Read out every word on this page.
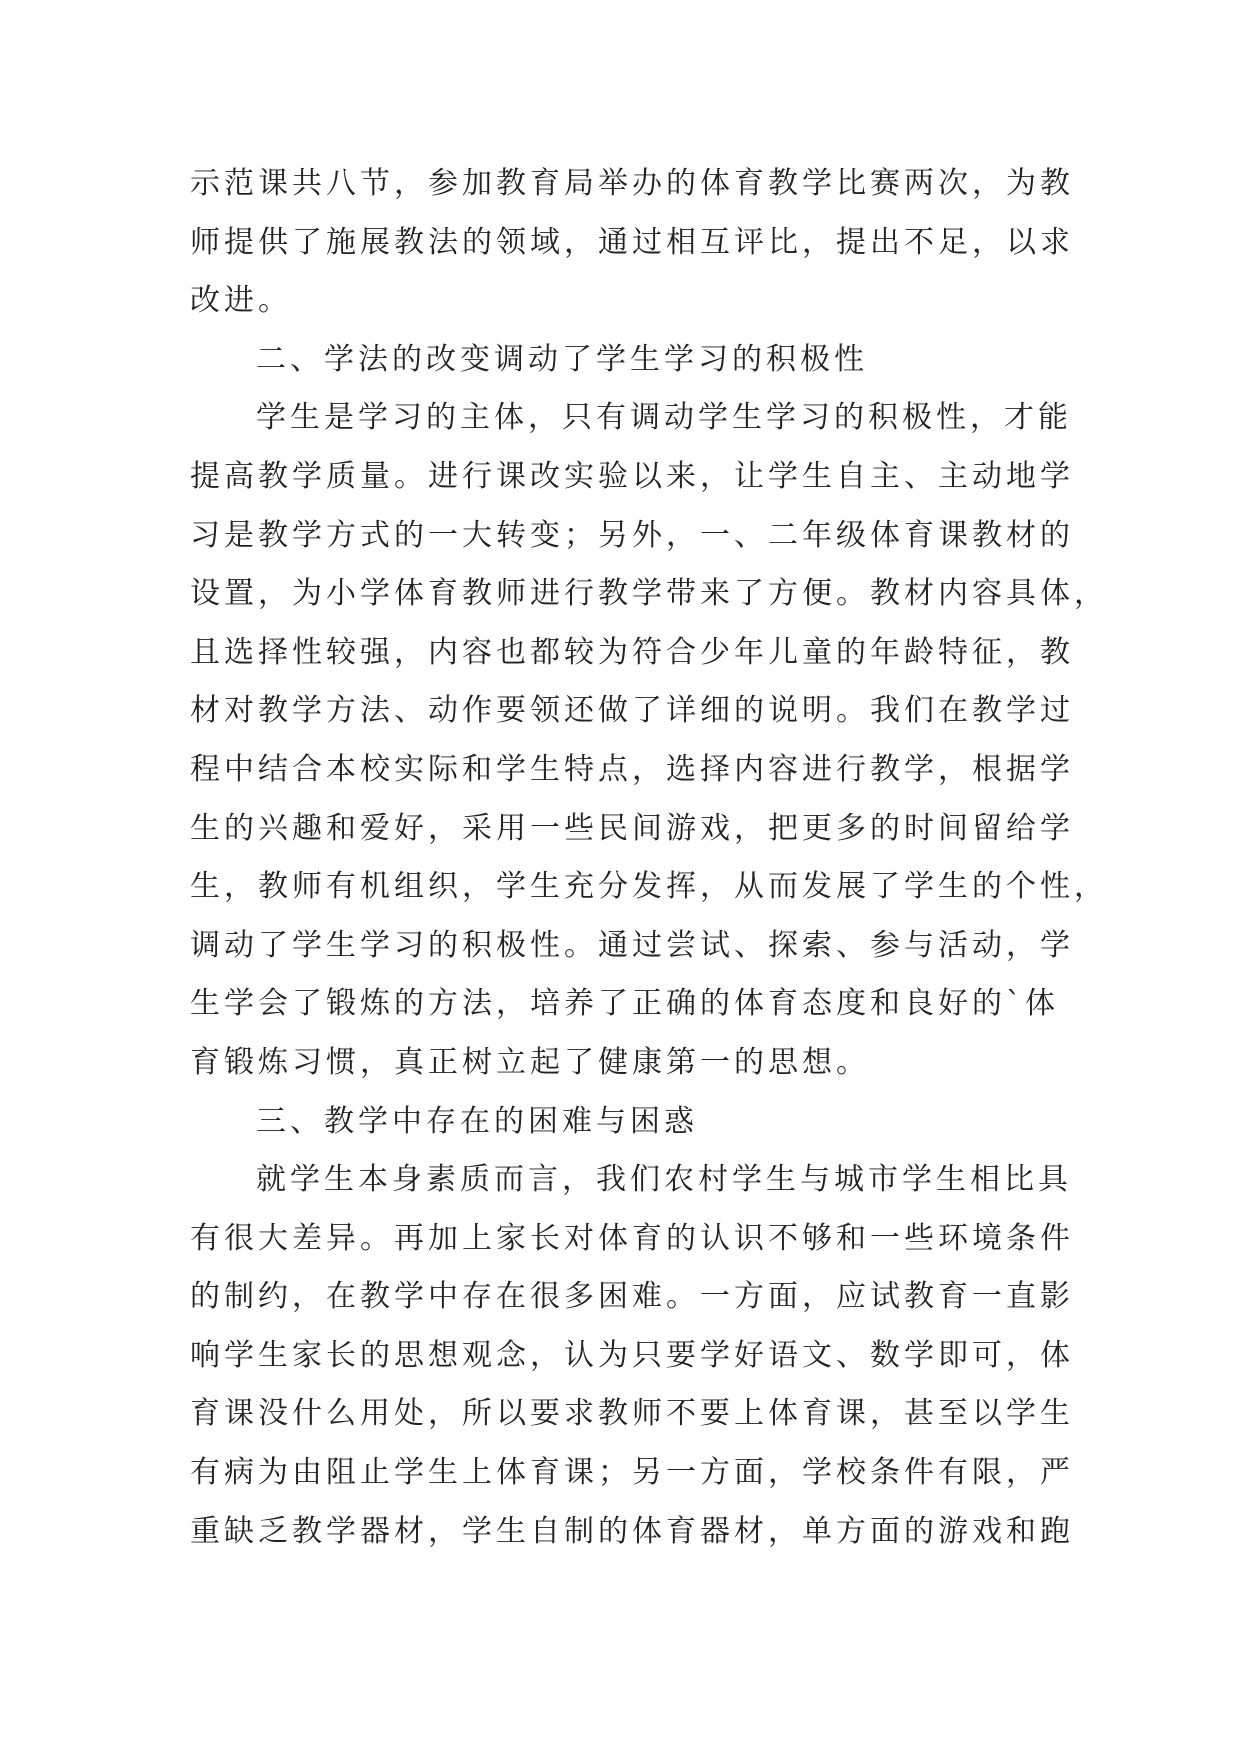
示范课共八节，参加教育局举办的体育教学比赛两次，为教
师提供了施展教法的领域，通过相互评比，提出不足，以求
改进。
二、学法的改变调动了学生学习的积极性
学生是学习的主体，只有调动学生学习的积极性，才能
提高教学质量。进行课改实验以来，让学生自主、主动地学
习是教学方式的一大转变；另外，一、二年级体育课教材的
设置，为小学体育教师进行教学带来了方便。教材内容具体，
且选择性较强，内容也都较为符合少年儿童的年龄特征，教
材对教学方法、动作要领还做了详细的说明。我们在教学过
程中结合本校实际和学生特点，选择内容进行教学，根据学
生的兴趣和爱好，采用一些民间游戏，把更多的时间留给学
生，教师有机组织，学生充分发挥，从而发展了学生的个性，
调动了学生学习的积极性。通过尝试、探索、参与活动，学
生学会了锻炼的方法，培养了正确的体育态度和良好的`体
育锻炼习惯，真正树立起了健康第一的思想。
三、教学中存在的困难与困惑
就学生本身素质而言，我们农村学生与城市学生相比具
有很大差异。再加上家长对体育的认识不够和一些环境条件
的制约，在教学中存在很多困难。一方面，应试教育一直影
响学生家长的思想观念，认为只要学好语文、数学即可，体
育课没什么用处，所以要求教师不要上体育课，甚至以学生
有病为由阻止学生上体育课；另一方面，学校条件有限，严
重缺乏教学器材，学生自制的体育器材，单方面的游戏和跑
